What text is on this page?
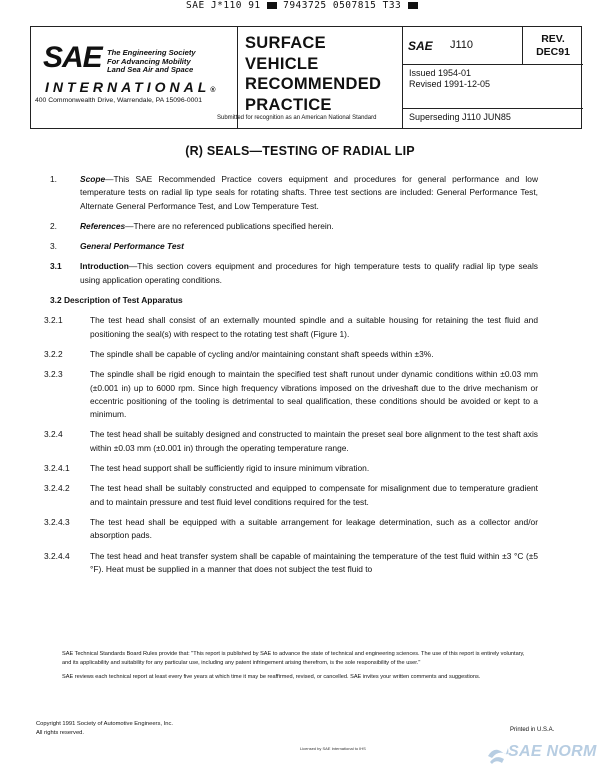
SAE J*110 91 7943725 0507815 T33
SAE The Engineering Society
For Advancing Mobility
Land Sea Air and Space
INTERNATIONAL®
400 Commonwealth Drive, Warrendale, PA 15096-0001
SURFACE
VEHICLE
RECOMMENDED
PRACTICE
Submitted for recognition as an American National Standard
SAE J110	REV.
DEC91
Issued 1954-01
Revised 1991-12-05
Superseding J110 JUN85
(R) SEALS—TESTING OF RADIAL LIP

1.	Scope—This SAE Recommended Practice covers equipment and procedures for general performance and low temperature tests on radial lip type seals for rotating shafts. Three test sections are included: General Performance Test, Alternate General Performance Test, and Low Temperature Test.

2.	References—There are no referenced publications specified herein.

3.	General Performance Test

3.1 Introduction—This section covers equipment and procedures for high temperature tests to qualify radial lip type seals using application operating conditions.

3.2 Description of Test Apparatus

3.2.1	The test head shall consist of an externally mounted spindle and a suitable housing for retaining the test fluid and positioning the seal(s) with respect to the rotating test shaft (Figure 1).

3.2.2	The spindle shall be capable of cycling and/or maintaining constant shaft speeds within ±3%.

3.2.3	The spindle shall be rigid enough to maintain the specified test shaft runout under dynamic conditions within ±0.03 mm (±0.001 in) up to 6000 rpm. Since high frequency vibrations imposed on the driveshaft due to the drive mechanism or eccentric positioning of the tooling is detrimental to seal qualification, these conditions should be avoided or kept to a minimum.

3.2.4	The test head shall be suitably designed and constructed to maintain the preset seal bore alignment to the test shaft axis within ±0.03 mm (±0.001 in) through the operating temperature range.

3.2.4.1 The test head support shall be sufficiently rigid to insure minimum vibration.

3.2.4.2 The test head shall be suitably constructed and equipped to compensate for misalignment due to temperature gradient and to maintain pressure and test fluid level conditions required for the test.

3.2.4.3 The test head shall be equipped with a suitable arrangement for leakage determination, such as a collector and/or absorption pads.

3.2.4.4 The test head and heat transfer system shall be capable of maintaining the temperature of the test fluid within ±3 °C (±5 °F). Heat must be supplied in a manner that does not subject the test fluid to

SAE Technical Standards Board Rules provide that: "This report is published by SAE to advance the state of technical and engineering sciences. The use of this report is entirely voluntary, and its applicability and suitability for any particular use, including any patent infringement arising therefrom, is the sole responsibility of the user."

SAE reviews each technical report at least every five years at which time it may be reaffirmed, revised, or cancelled. SAE invites your written comments and suggestions.

Copyright 1991 Society of Automotive Engineers, Inc.
All rights reserved.	Printed in U.S.A.
Licensed by SAE International to IHS	SAE NORM
